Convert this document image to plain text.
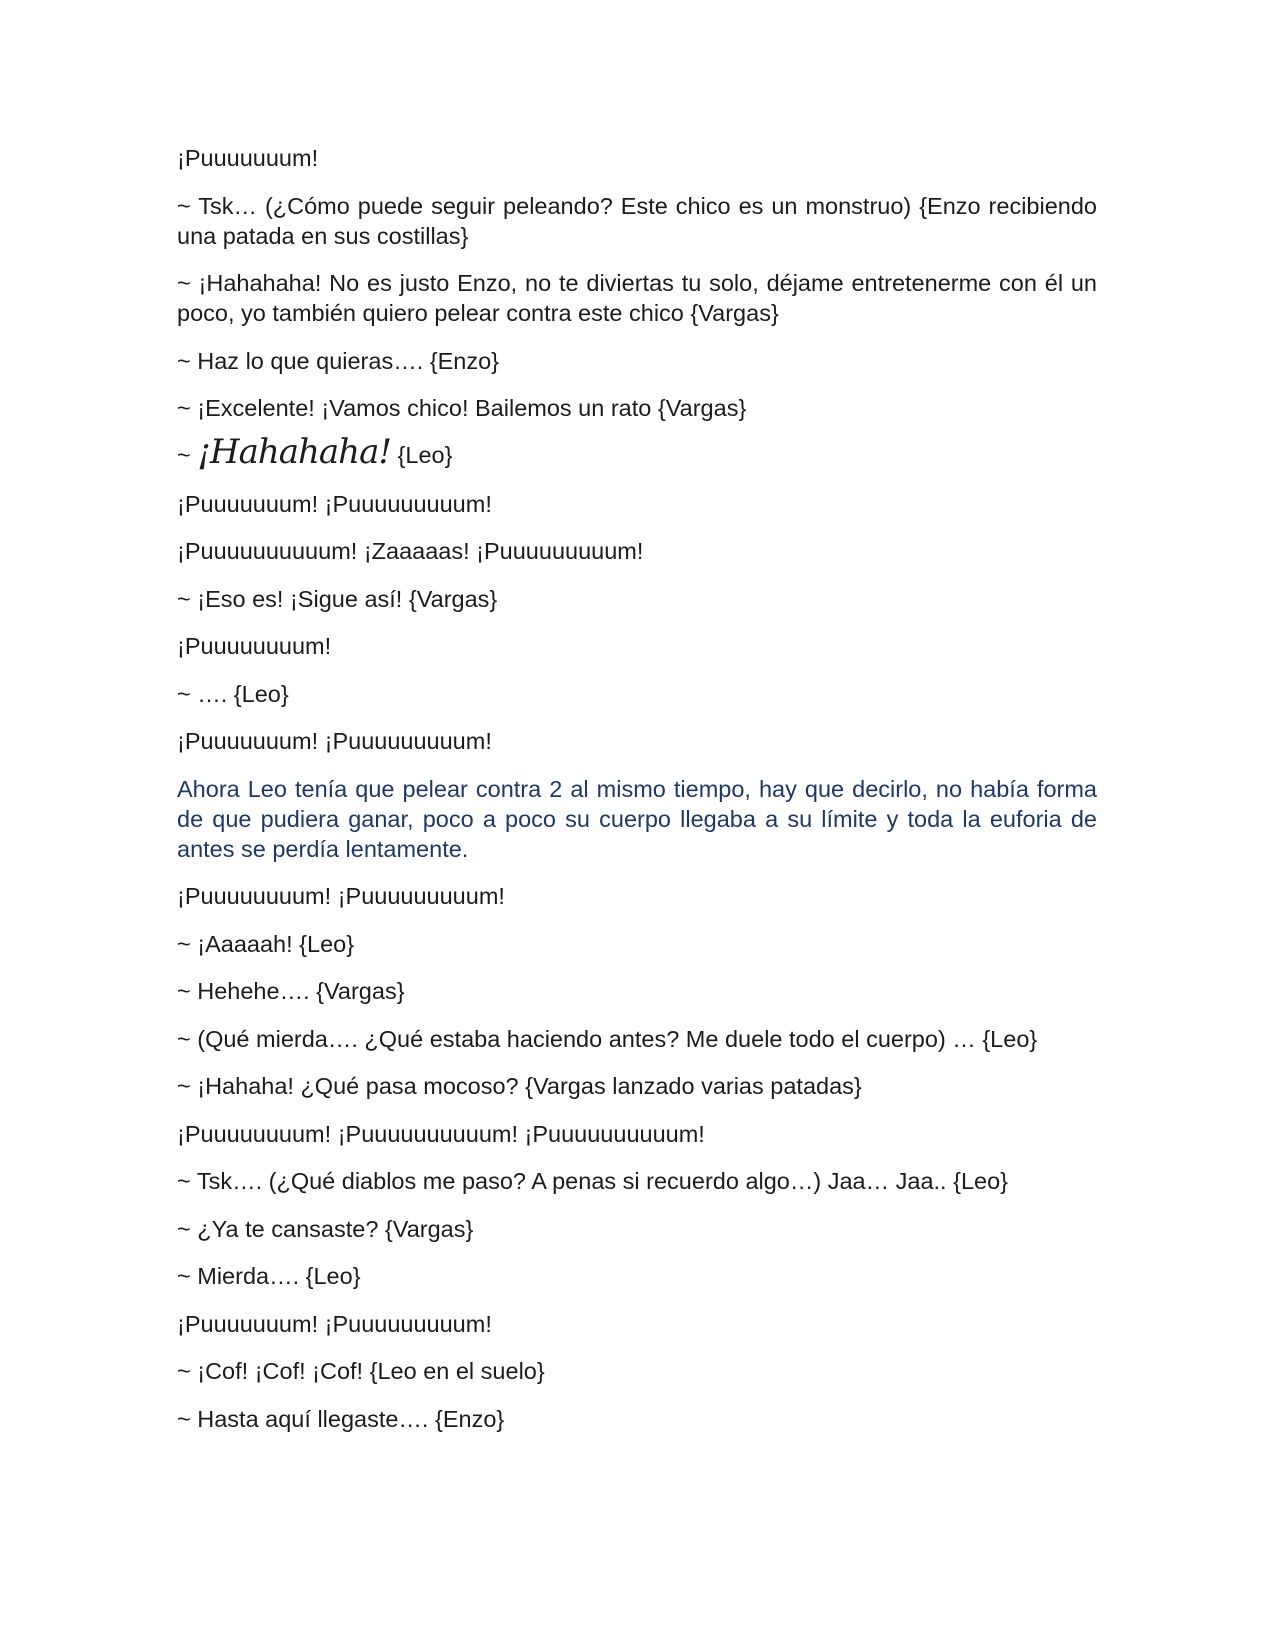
¡Puuuuuuum!

~ Tsk… (¿Cómo puede seguir peleando? Este chico es un monstruo) {Enzo recibiendo una patada en sus costillas}

~ ¡Hahahaha! No es justo Enzo, no te diviertas tu solo, déjame entretenerme con él un poco, yo también quiero pelear contra este chico {Vargas}

~ Haz lo que quieras…. {Enzo}

~ ¡Excelente! ¡Vamos chico! Bailemos un rato {Vargas}

~ ¡Hahahaha! {Leo}

¡Puuuuuuum! ¡Puuuuuuuuum!

¡Puuuuuuuuuum! ¡Zaaaaas! ¡Puuuuuuuuum!

~ ¡Eso es! ¡Sigue así! {Vargas}

¡Puuuuuuuum!

~ …. {Leo}

¡Puuuuuuum! ¡Puuuuuuuuum!

Ahora Leo tenía que pelear contra 2 al mismo tiempo, hay que decirlo, no había forma de que pudiera ganar, poco a poco su cuerpo llegaba a su límite y toda la euforia de antes se perdía lentamente.

¡Puuuuuuuum! ¡Puuuuuuuuum!

~ ¡Aaaaah! {Leo}

~ Hehehe…. {Vargas}

~ (Qué mierda…. ¿Qué estaba haciendo antes? Me duele todo el cuerpo) … {Leo}

~ ¡Hahaha! ¿Qué pasa mocoso? {Vargas lanzado varias patadas}

¡Puuuuuuuum! ¡Puuuuuuuuuum! ¡Puuuuuuuuuum!

~ Tsk…. (¿Qué diablos me paso? A penas si recuerdo algo…) Jaa… Jaa.. {Leo}

~ ¿Ya te cansaste? {Vargas}

~ Mierda…. {Leo}

¡Puuuuuuum! ¡Puuuuuuuuum!

~ ¡Cof! ¡Cof! ¡Cof! {Leo en el suelo}

~ Hasta aquí llegaste…. {Enzo}
